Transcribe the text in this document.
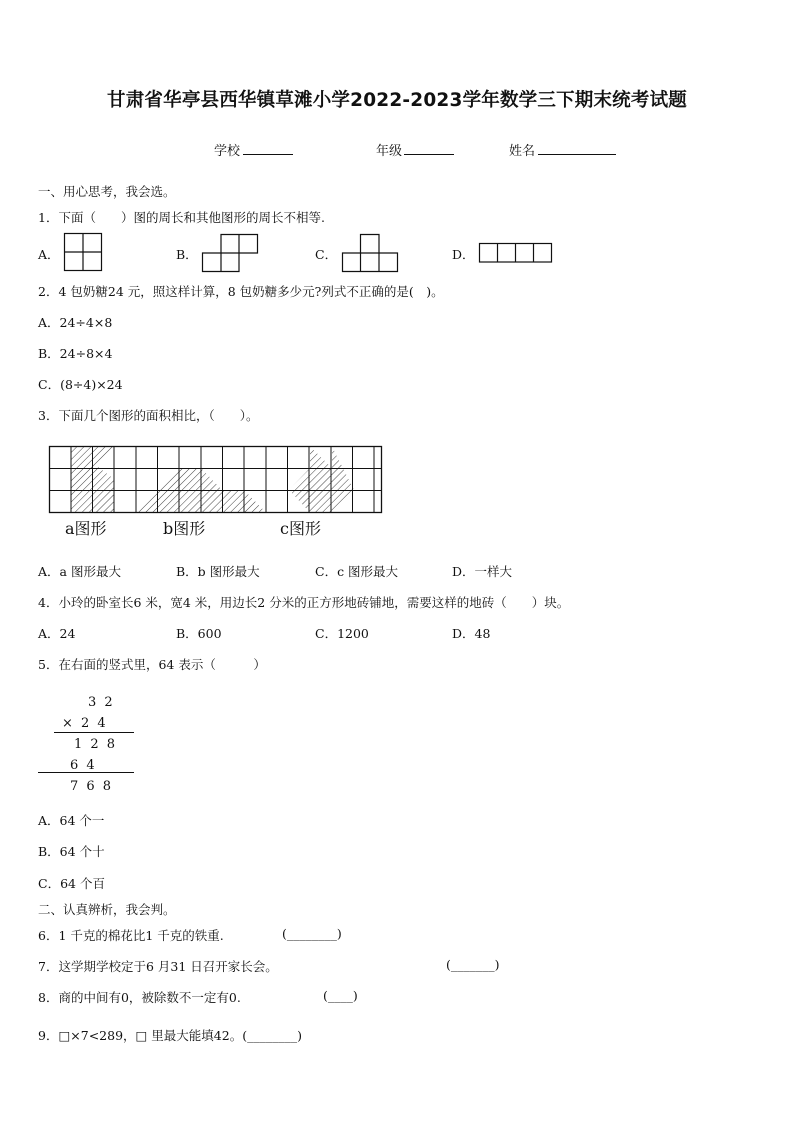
甘肃省华亭县西华镇草滩小学2022-2023学年数学三下期末统考试题
学校	年级	姓名
一、用心思考，我会选。
1．下面（　　）图的周长和其他图形的周长不相等.
A．	B．	C．	D．
2．4 包奶糖24 元，照这样计算，8 包奶糖多少元?列式不正确的是(　)。
A．24÷4×8
B．24÷8×4
C．(8÷4)×24
3．下面几个图形的面积相比，（　　）。
a图形	b图形	c图形
A．a 图形最大	B．b 图形最大	C．c 图形最大	D．一样大
4．小玲的卧室长6 米，宽4 米，用边长2 分米的正方形地砖铺地，需要这样的地砖（　　）块。
A．24	B．600	C．1200	D．48
5．在右面的竖式里，64 表示（　　　）
3 2
× 2 4
1 2 8
6 4
7 6 8
A．64 个一
B．64 个十
C．64 个百
二、认真辨析，我会判。
6．1 千克的棉花比1 千克的铁重.	(________)
7．这学期学校定于6 月31 日召开家长会。	(_______)
8．商的中间有0，被除数不一定有0.	(____)
9．□×7<289，□ 里最大能填42。(________)
